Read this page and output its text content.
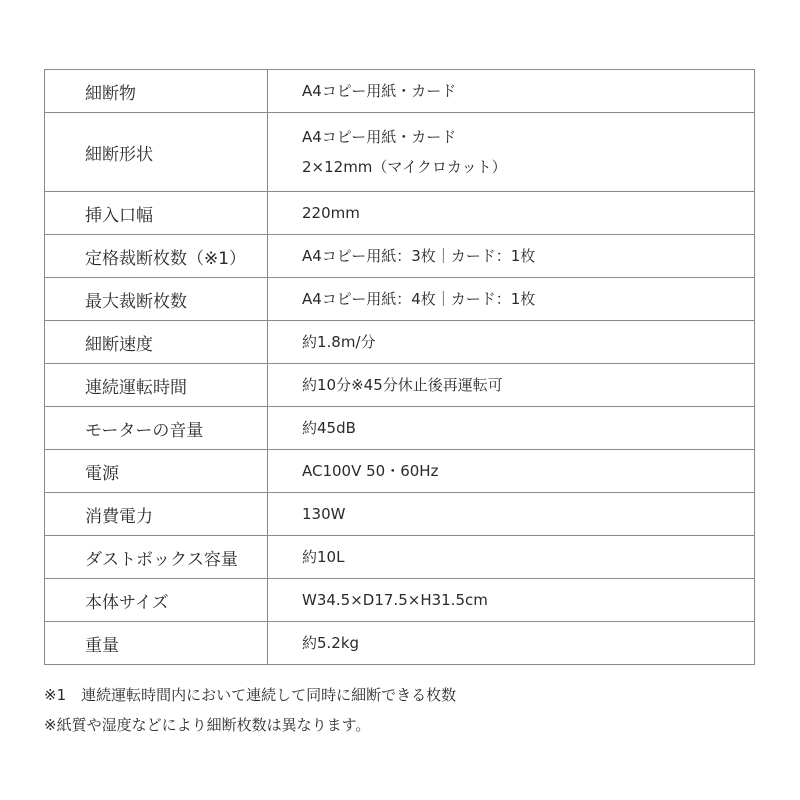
細断物	A4コピー用紙・カード

細断形状	A4コピー用紙・カード
2×12mm（マイクロカット）

挿入口幅	220mm

定格裁断枚数（※1）	A4コピー用紙：3枚｜カード：1枚

最大裁断枚数	A4コピー用紙：4枚｜カード：1枚

細断速度	約1.8m/分

連続運転時間	約10分※45分休止後再運転可

モーターの音量	約45dB

電源	AC100V 50・60Hz

消費電力	130W

ダストボックス容量	約10L

本体サイズ	W34.5×D17.5×H31.5cm

重量	約5.2kg
※1　連続運転時間内において連続して同時に細断できる枚数
※紙質や湿度などにより細断枚数は異なります。
